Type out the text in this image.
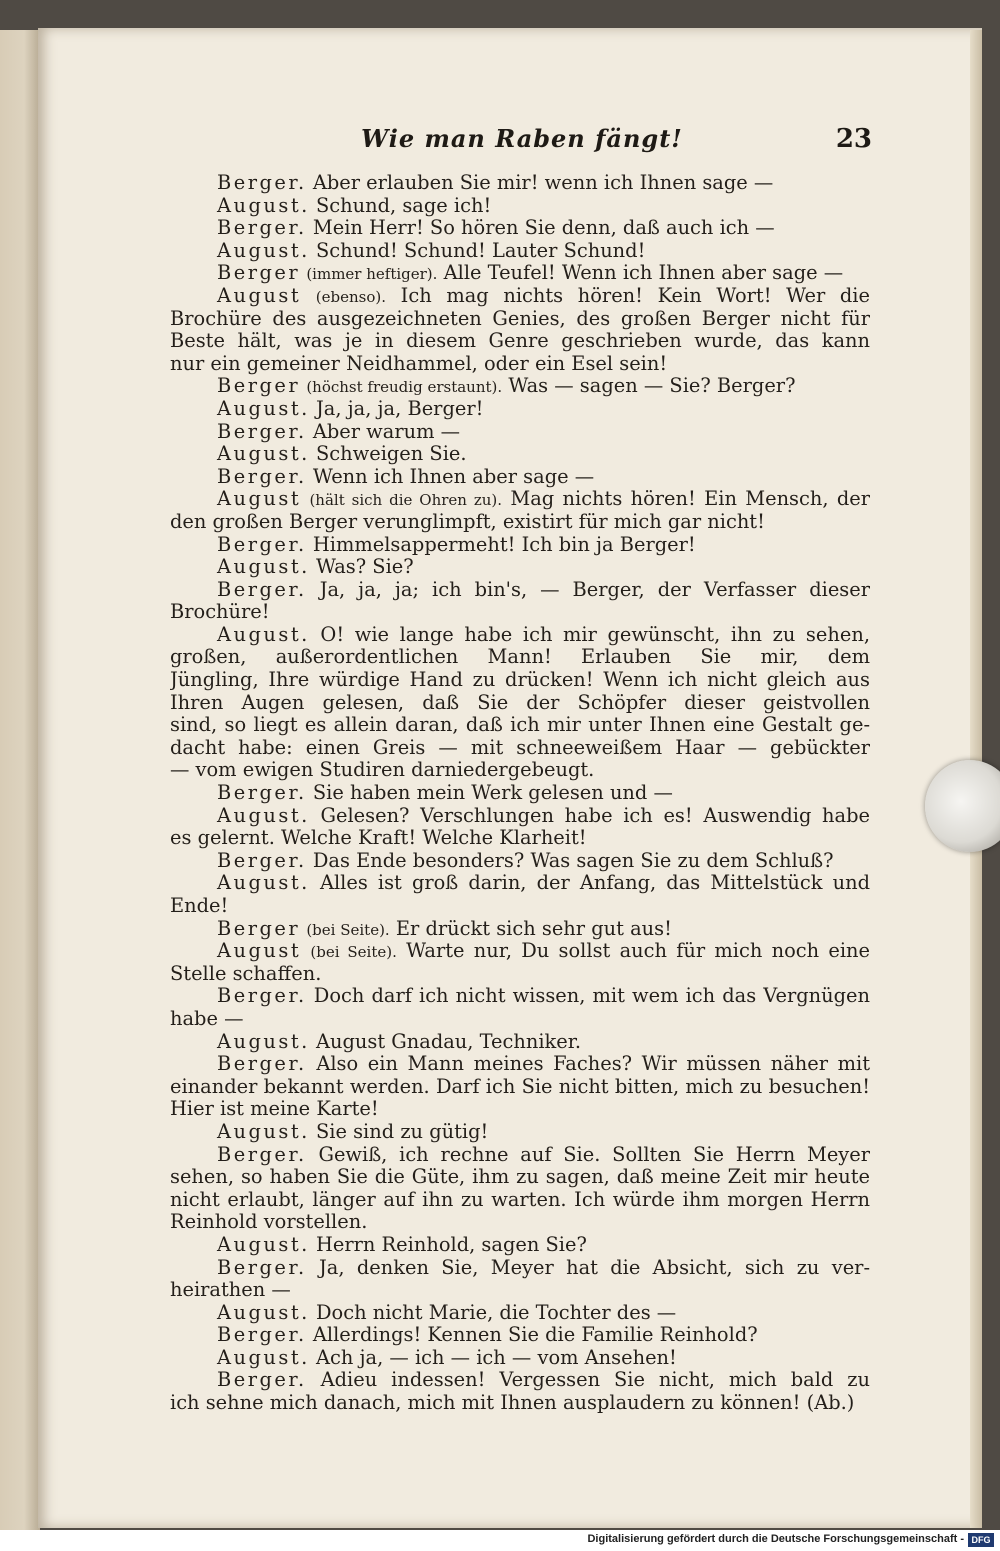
Wie man Raben fängt!	23
Berger. Aber erlauben Sie mir! wenn ich Ihnen sage —
August. Schund, sage ich!
Berger. Mein Herr! So hören Sie denn, daß auch ich —
August. Schund! Schund! Lauter Schund!
Berger (immer heftiger). Alle Teufel! Wenn ich Ihnen aber sage —
August (ebenso). Ich mag nichts hören! Kein Wort! Wer die
Brochüre des ausgezeichneten Genies, des großen Berger nicht für
Beste hält, was je in diesem Genre geschrieben wurde, das kann
nur ein gemeiner Neidhammel, oder ein Esel sein!
Berger (höchst freudig erstaunt). Was — sagen — Sie? Berger?
August. Ja, ja, ja, Berger!
Berger. Aber warum —
August. Schweigen Sie.
Berger. Wenn ich Ihnen aber sage —
August (hält sich die Ohren zu). Mag nichts hören! Ein Mensch, der
den großen Berger verunglimpft, existirt für mich gar nicht!
Berger. Himmelsappermeht! Ich bin ja Berger!
August. Was? Sie?
Berger. Ja, ja, ja; ich bin's, — Berger, der Verfasser dieser
Brochüre!
August. O! wie lange habe ich mir gewünscht, ihn zu sehen,
großen, außerordentlichen Mann! Erlauben Sie mir, dem
Jüngling, Ihre würdige Hand zu drücken! Wenn ich nicht gleich aus
Ihren Augen gelesen, daß Sie der Schöpfer dieser geistvollen
sind, so liegt es allein daran, daß ich mir unter Ihnen eine Gestalt ge-
dacht habe: einen Greis — mit schneeweißem Haar — gebückter
— vom ewigen Studiren darniedergebeugt.
Berger. Sie haben mein Werk gelesen und —
August. Gelesen? Verschlungen habe ich es! Auswendig habe
es gelernt. Welche Kraft! Welche Klarheit!
Berger. Das Ende besonders? Was sagen Sie zu dem Schluß?
August. Alles ist groß darin, der Anfang, das Mittelstück und
Ende!
Berger (bei Seite). Er drückt sich sehr gut aus!
August (bei Seite). Warte nur, Du sollst auch für mich noch eine
Stelle schaffen.
Berger. Doch darf ich nicht wissen, mit wem ich das Vergnügen
habe —
August. August Gnadau, Techniker.
Berger. Also ein Mann meines Faches? Wir müssen näher mit
einander bekannt werden. Darf ich Sie nicht bitten, mich zu besuchen!
Hier ist meine Karte!
August. Sie sind zu gütig!
Berger. Gewiß, ich rechne auf Sie. Sollten Sie Herrn Meyer
sehen, so haben Sie die Güte, ihm zu sagen, daß meine Zeit mir heute
nicht erlaubt, länger auf ihn zu warten. Ich würde ihm morgen Herrn
Reinhold vorstellen.
August. Herrn Reinhold, sagen Sie?
Berger. Ja, denken Sie, Meyer hat die Absicht, sich zu ver-
heirathen —
August. Doch nicht Marie, die Tochter des —
Berger. Allerdings! Kennen Sie die Familie Reinhold?
August. Ach ja, — ich — ich — vom Ansehen!
Berger. Adieu indessen! Vergessen Sie nicht, mich bald zu
ich sehne mich danach, mich mit Ihnen ausplaudern zu können! (Ab.)
Digitalisierung gefördert durch die Deutsche Forschungsgemeinschaft - DFG
